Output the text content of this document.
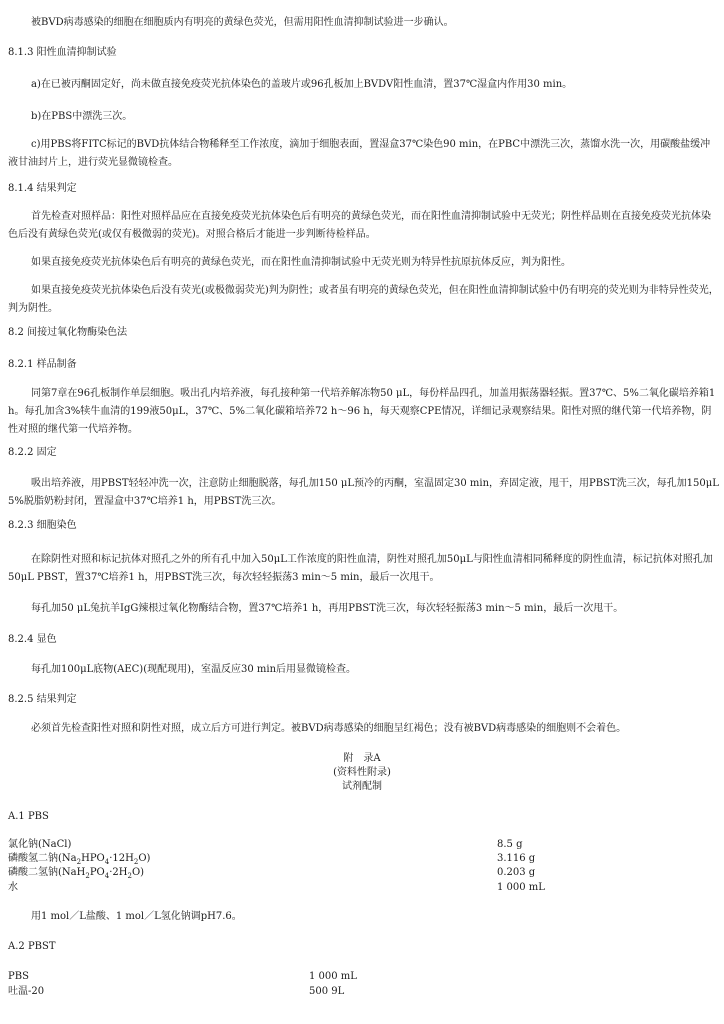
被BVD病毒感染的细胞在细胞质内有明亮的黄绿色荧光，但需用阳性血清抑制试验进一步确认。
8.1.3 阳性血清抑制试验
a)在已被丙酮固定好，尚未做直接免疫荧光抗体染色的盖玻片或96孔板加上BVDV阳性血清，置37℃湿盒内作用30 min。
b)在PBS中漂洗三次。
c)用PBS将FITC标记的BVD抗体结合物稀释至工作浓度，滴加于细胞表面，置湿盒37℃染色90 min，在PBC中漂洗三次，蒸馏水洗一次，用碳酸盐缓冲液甘油封片上，进行荧光显微镜检查。
8.1.4 结果判定
首先检查对照样品：阳性对照样品应在直接免疫荧光抗体染色后有明亮的黄绿色荧光，而在阳性血清抑制试验中无荧光；阴性样品则在直接免疫荧光抗体染色后没有黄绿色荧光(或仅有极微弱的荧光)。对照合格后才能进一步判断待检样品。
如果直接免疫荧光抗体染色后有明亮的黄绿色荧光，而在阳性血清抑制试验中无荧光则为特异性抗原抗体反应，判为阳性。
如果直接免疫荧光抗体染色后没有荧光(或极微弱荧光)判为阴性；或者虽有明亮的黄绿色荧光，但在阳性血清抑制试验中仍有明亮的荧光则为非特异性荧光，判为阴性。
8.2 间接过氧化物酶染色法
8.2.1 样品制备
同第7章在96孔板制作单层细胞。吸出孔内培养液，每孔接种第一代培养解冻物50 μL，每份样品四孔，加盖用振荡器轻振。置37℃、5%二氧化碳培养箱1 h。每孔加含3%犊牛血清的199液50μL，37℃、5%二氧化碳箱培养72 h～96 h，每天观察CPE情况，详细记录观察结果。阳性对照的继代第一代培养物，阴性对照的继代第一代培养物。
8.2.2 固定
吸出培养液，用PBST轻轻冲洗一次，注意防止细胞脱落，每孔加150 μL预冷的丙酮，室温固定30 min，弃固定液，甩干，用PBST洗三次，每孔加150μL 5%脱脂奶粉封闭，置湿盒中37℃培养1 h，用PBST洗三次。
8.2.3 细胞染色
在除阴性对照和标记抗体对照孔之外的所有孔中加入50μL工作浓度的阳性血清，阴性对照孔加50μL与阳性血清相同稀释度的阴性血清，标记抗体对照孔加50μL PBST，置37℃培养1 h，用PBST洗三次，每次轻轻振荡3 min～5 min，最后一次甩干。
每孔加50 μL兔抗羊IgG辣根过氧化物酶结合物，置37℃培养1 h，再用PBST洗三次，每次轻轻振荡3 min～5 min，最后一次甩干。
8.2.4 显色
每孔加100μL底物(AEC)(现配现用)，室温反应30 min后用显微镜检查。
8.2.5 结果判定
必须首先检查阳性对照和阴性对照，成立后方可进行判定。被BVD病毒感染的细胞呈红褐色；没有被BVD病毒感染的细胞则不会着色。
附　录A
(资料性附录)
试剂配制
A.1 PBS
氯化钠(NaCl)	8.5 g
磷酸氢二钠$(Na_2HPO_4\cdot 12H_2O)$	3.116 g
磷酸二氢钠$(NaH_2PO_4\cdot 2H_2O)$	0.203 g
水	1 000 mL
用1 mol／L盐酸、1 mol／L氢化钠调pH7.6。
A.2 PBST
PBS	1 000 mL
吐温-20	500 9L
